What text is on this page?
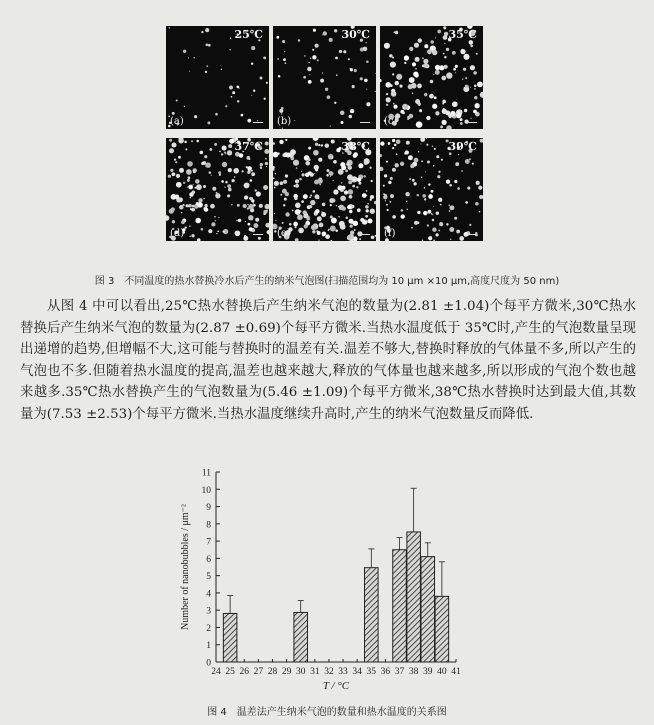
25℃
(a)
30℃
(b)
35℃
(c)
37℃
(d)
38℃
(e)
39℃
(f)
图 3　不同温度的热水替换冷水后产生的纳米气泡图(扫描范围均为 10 μm ×10 μm,高度尺度为 50 nm)

从图 4 中可以看出,25℃热水替换后产生纳米气泡的数量为(2.81 ±1.04)个每平方微米,30℃热水替换后产生纳米气泡的数量为(2.87 ±0.69)个每平方微米.当热水温度低于 35℃时,产生的气泡数量呈现出递增的趋势,但增幅不大,这可能与替换时的温差有关.温差不够大,替换时释放的气体量不多,所以产生的气泡也不多.但随着热水温度的提高,温差也越来越大,释放的气体量也越来越多,所以形成的气泡个数也越来越多.35℃热水替换产生的气泡数量为(5.46 ±1.09)个每平方微米,38℃热水替换时达到最大值,其数量为(7.53 ±2.53)个每平方微米.当热水温度继续升高时,产生的纳米气泡数量反而降低.

0
1
2
3
4
5
6
7
8
9
10
11
24 25 26 27 28 29 30 31 32 33 34 35 36 37 38 39 40 41
T / °C
Number of nanobubbles / μm⁻²
图 4　温差法产生纳米气泡的数量和热水温度的关系图
